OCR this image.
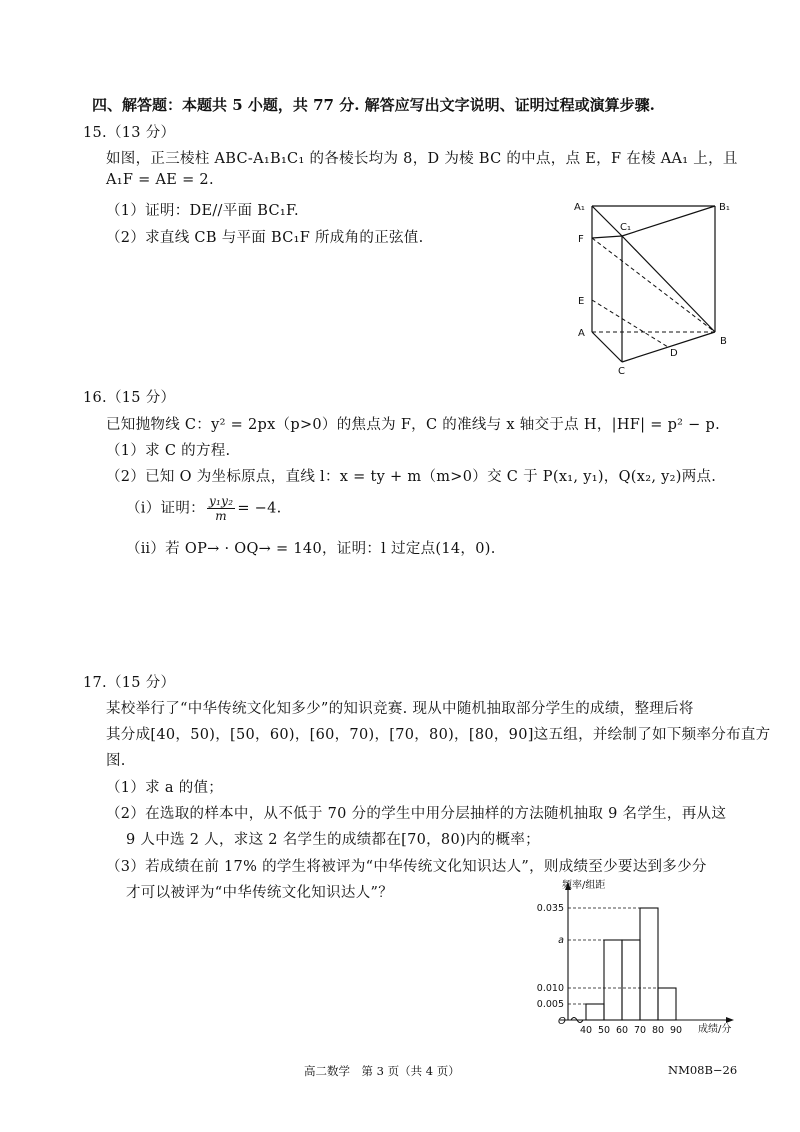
四、解答题：本题共 5 小题，共 77 分. 解答应写出文字说明、证明过程或演算步骤.
15.（13 分）
如图，正三棱柱 ABC-A₁B₁C₁ 的各棱长均为 8，D 为棱 BC 的中点，点 E，F 在棱 AA₁ 上，且
A₁F = AE = 2.
（1）证明：DE//平面 BC₁F.
（2）求直线 CB 与平面 BC₁F 所成角的正弦值.
A₁	B₁
C₁
F
E
A
B
C
D
16.（15 分）
已知抛物线 C：y² = 2px（p>0）的焦点为 F，C 的准线与 x 轴交于点 H，|HF| = p² − p.
（1）求 C 的方程.
（2）已知 O 为坐标原点，直线 l：x = ty + m（m>0）交 C 于 P(x₁, y₁)，Q(x₂, y₂)两点.
（ⅰ）证明： $\frac{\text{y₁y₂}}{m} = -4$.
（ⅱ）若 OP→ · OQ→ = 140，证明：l 过定点(14，0).
17.（15 分）
某校举行了“中华传统文化知多少”的知识竞赛. 现从中随机抽取部分学生的成绩，整理后将
其分成[40，50)，[50，60)，[60，70)，[70，80)，[80，90]这五组，并绘制了如下频率分布直方
图.
（1）求 a 的值；
（2）在选取的样本中，从不低于 70 分的学生中用分层抽样的方法随机抽取 9 名学生，再从这
9 人中选 2 人，求这 2 名学生的成绩都在[70，80)内的概率；
（3）若成绩在前 17% 的学生将被评为“中华传统文化知识达人”，则成绩至少要达到多少分
才可以被评为“中华传统文化知识达人”？
0.005
a
0.035
0.010
40 50 60 70 80 90
频率/组距
成绩/分
O
高二数学　第 3 页（共 4 页）	NM08B−26
